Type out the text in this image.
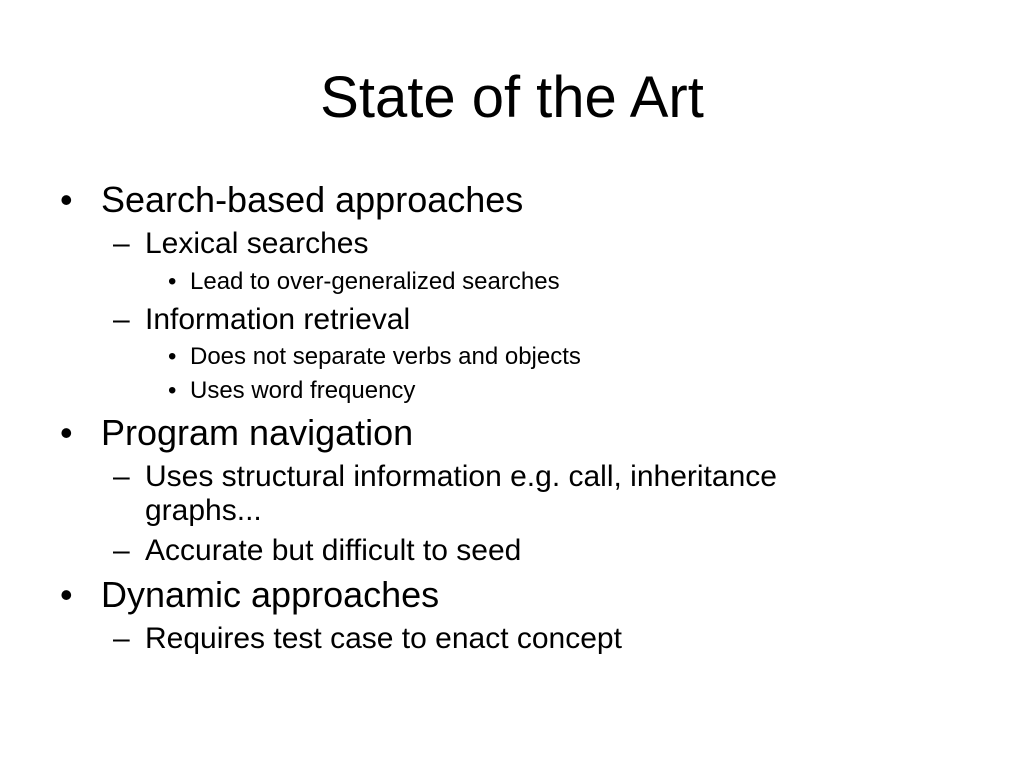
State of the Art
• Search-based approaches
– Lexical searches
• Lead to over-generalized searches
– Information retrieval
• Does not separate verbs and objects
• Uses word frequency
• Program navigation
– Uses structural information e.g. call, inheritance
graphs...
– Accurate but difficult to seed
• Dynamic approaches
– Requires test case to enact concept
